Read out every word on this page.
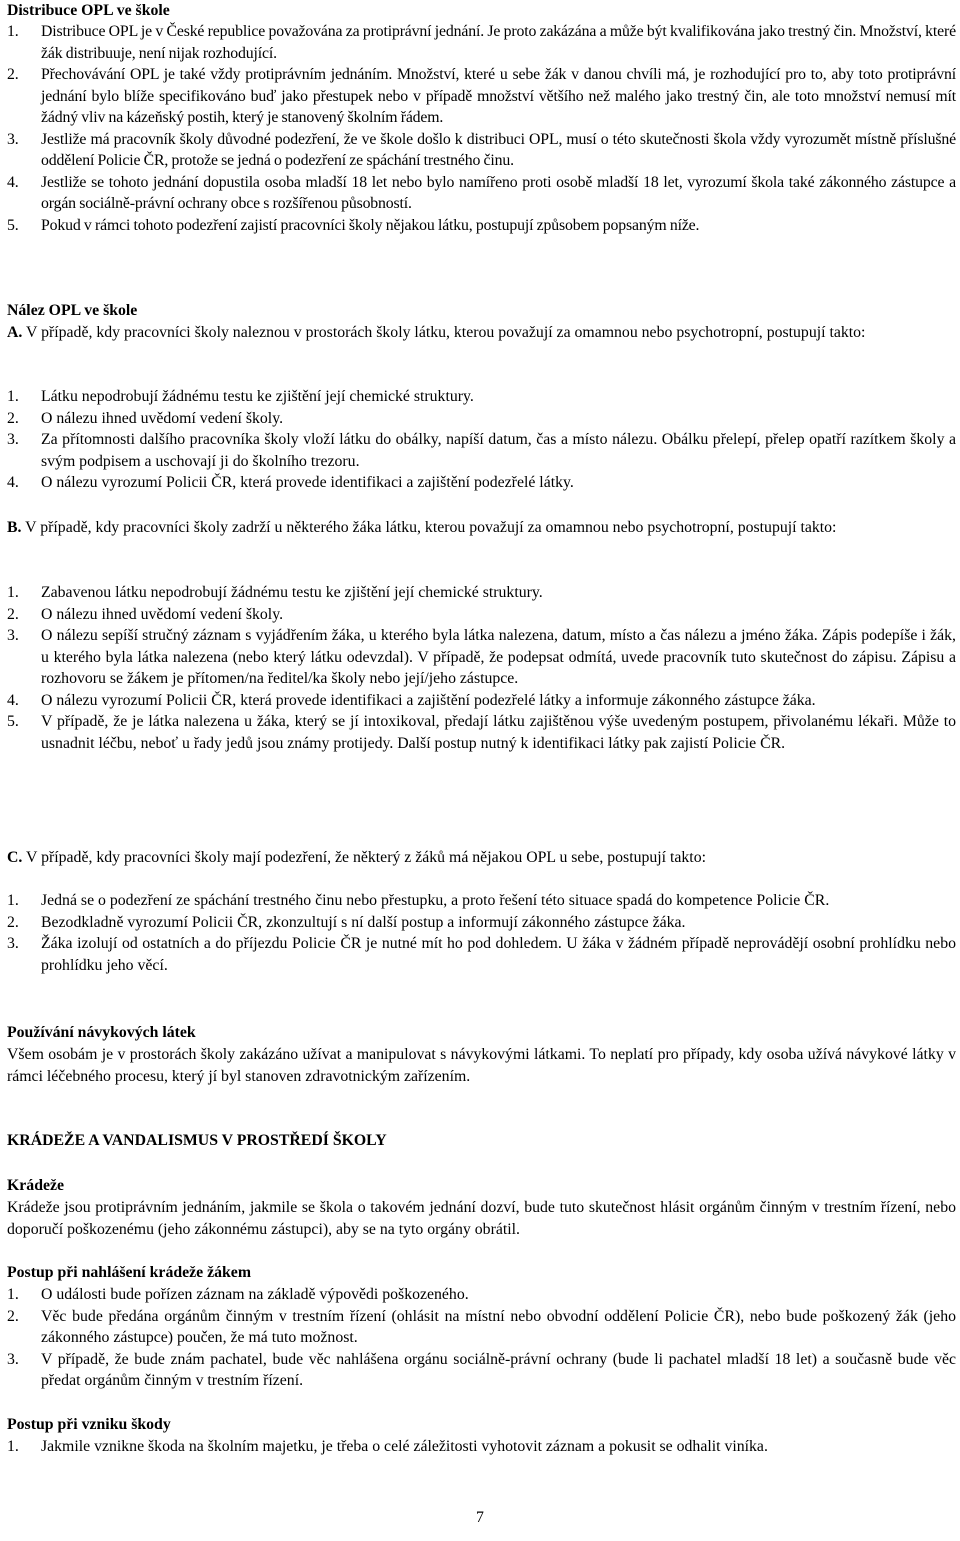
Distribuce OPL ve škole
1. Distribuce OPL je v České republice považována za protiprávní jednání. Je proto zakázána a může být kvalifikována jako trestný čin. Množství, které žák distribuuje, není nijak rozhodující.
2. Přechovávání OPL je také vždy protiprávním jednáním. Množství, které u sebe žák v danou chvíli má, je rozhodující pro to, aby toto protiprávní jednání bylo blíže specifikováno buď jako přestupek nebo v případě množství většího než malého jako trestný čin, ale toto množství nemusí mít žádný vliv na kázeňský postih, který je stanovený školním řádem.
3. Jestliže má pracovník školy důvodné podezření, že ve škole došlo k distribuci OPL, musí o této skutečnosti škola vždy vyrozumět místně příslušné oddělení Policie ČR, protože se jedná o podezření ze spáchání trestného činu.
4. Jestliže se tohoto jednání dopustila osoba mladší 18 let nebo bylo namířeno proti osobě mladší 18 let, vyrozumí škola také zákonného zástupce a orgán sociálně-právní ochrany obce s rozšířenou působností.
5. Pokud v rámci tohoto podezření zajistí pracovníci školy nějakou látku, postupují způsobem popsaným níže.
Nález OPL ve škole

A. V případě, kdy pracovníci školy naleznou v prostorách školy látku, kterou považují za omamnou nebo psychotropní, postupují takto:

1. Látku nepodrobují žádnému testu ke zjištění její chemické struktury.
2. O nálezu ihned uvědomí vedení školy.
3. Za přítomnosti dalšího pracovníka školy vloží látku do obálky, napíší datum, čas a místo nálezu. Obálku přelepí, přelep opatří razítkem školy a svým podpisem a uschovají ji do školního trezoru.
4. O nálezu vyrozumí Policii ČR, která provede identifikaci a zajištění podezřelé látky.

B. V případě, kdy pracovníci školy zadrží u některého žáka látku, kterou považují za omamnou nebo psychotropní, postupují takto:

1. Zabavenou látku nepodrobují žádnému testu ke zjištění její chemické struktury.
2. O nálezu ihned uvědomí vedení školy.
3. O nálezu sepíší stručný záznam s vyjádřením žáka, u kterého byla látka nalezena, datum, místo a čas nálezu a jméno žáka. Zápis podepíše i žák, u kterého byla látka nalezena (nebo který látku odevzdal). V případě, že podepsat odmítá, uvede pracovník tuto skutečnost do zápisu. Zápisu a rozhovoru se žákem je přítomen/na ředitel/ka školy nebo její/jeho zástupce.
4. O nálezu vyrozumí Policii ČR, která provede identifikaci a zajištění podezřelé látky a informuje zákonného zástupce žáka.
5. V případě, že je látka nalezena u žáka, který se jí intoxikoval, předají látku zajištěnou výše uvedeným postupem, přivolanému lékaři. Může to usnadnit léčbu, neboť u řady jedů jsou známy protijedy. Další postup nutný k identifikaci látky pak zajistí Policie ČR.

C. V případě, kdy pracovníci školy mají podezření, že některý z žáků má nějakou OPL u sebe, postupují takto:

1. Jedná se o podezření ze spáchání trestného činu nebo přestupku, a proto řešení této situace spadá do kompetence Policie ČR.
2. Bezodkladně vyrozumí Policii ČR, zkonzultují s ní další postup a informují zákonného zástupce žáka.
3. Žáka izolují od ostatních a do příjezdu Policie ČR je nutné mít ho pod dohledem. U žáka v žádném případě neprovádějí osobní prohlídku nebo prohlídku jeho věcí.
Používání návykových látek

Všem osobám je v prostorách školy zakázáno užívat a manipulovat s návykovými látkami. To neplatí pro případy, kdy osoba užívá návykové látky v rámci léčebného procesu, který jí byl stanoven zdravotnickým zařízením.

KRÁDEŽE A VANDALISMUS V PROSTŘEDÍ ŠKOLY
Krádeže

Krádeže jsou protiprávním jednáním, jakmile se škola o takovém jednání dozví, bude tuto skutečnost hlásit orgánům činným v trestním řízení, nebo doporučí poškozenému (jeho zákonnému zástupci), aby se na tyto orgány obrátil.

Postup při nahlášení krádeže žákem
1. O události bude pořízen záznam na základě výpovědi poškozeného.
2. Věc bude předána orgánům činným v trestním řízení (ohlásit na místní nebo obvodní oddělení Policie ČR), nebo bude poškozený žák (jeho zákonného zástupce) poučen, že má tuto možnost.
3. V případě, že bude znám pachatel, bude věc nahlášena orgánu sociálně-právní ochrany (bude li pachatel mladší 18 let) a současně bude věc předat orgánům činným v trestním řízení.
Postup při vzniku škody
1. Jakmile vznikne škoda na školním majetku, je třeba o celé záležitosti vyhotovit záznam a pokusit se odhalit viníka.
7
